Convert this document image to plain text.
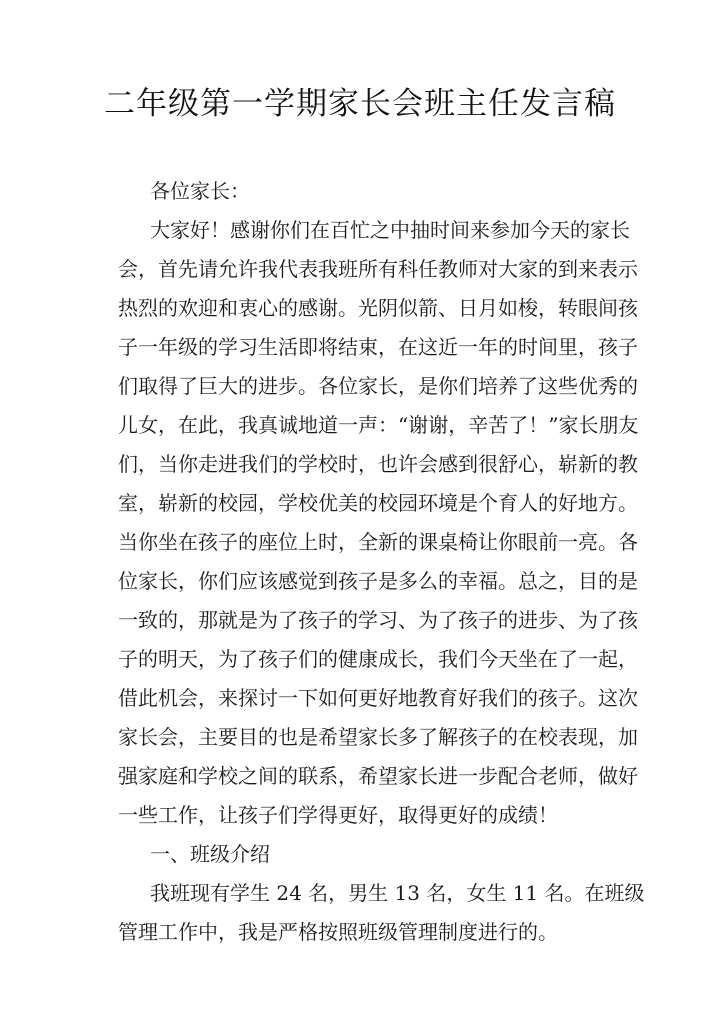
二年级第一学期家长会班主任发言稿
各位家长：
大家好！感谢你们在百忙之中抽时间来参加今天的家长
会，首先请允许我代表我班所有科任教师对大家的到来表示
热烈的欢迎和衷心的感谢。光阴似箭、日月如梭，转眼间孩
子一年级的学习生活即将结束，在这近一年的时间里，孩子
们取得了巨大的进步。各位家长，是你们培养了这些优秀的
儿女，在此，我真诚地道一声：“谢谢，辛苦了！”家长朋友
们，当你走进我们的学校时，也许会感到很舒心，崭新的教
室，崭新的校园，学校优美的校园环境是个育人的好地方。
当你坐在孩子的座位上时，全新的课桌椅让你眼前一亮。各
位家长，你们应该感觉到孩子是多么的幸福。总之，目的是
一致的，那就是为了孩子的学习、为了孩子的进步、为了孩
子的明天，为了孩子们的健康成长，我们今天坐在了一起，
借此机会，来探讨一下如何更好地教育好我们的孩子。这次
家长会，主要目的也是希望家长多了解孩子的在校表现，加
强家庭和学校之间的联系，希望家长进一步配合老师，做好
一些工作，让孩子们学得更好，取得更好的成绩！
一、班级介绍
我班现有学生 24 名，男生 13 名，女生 11 名。在班级
管理工作中，我是严格按照班级管理制度进行的。
